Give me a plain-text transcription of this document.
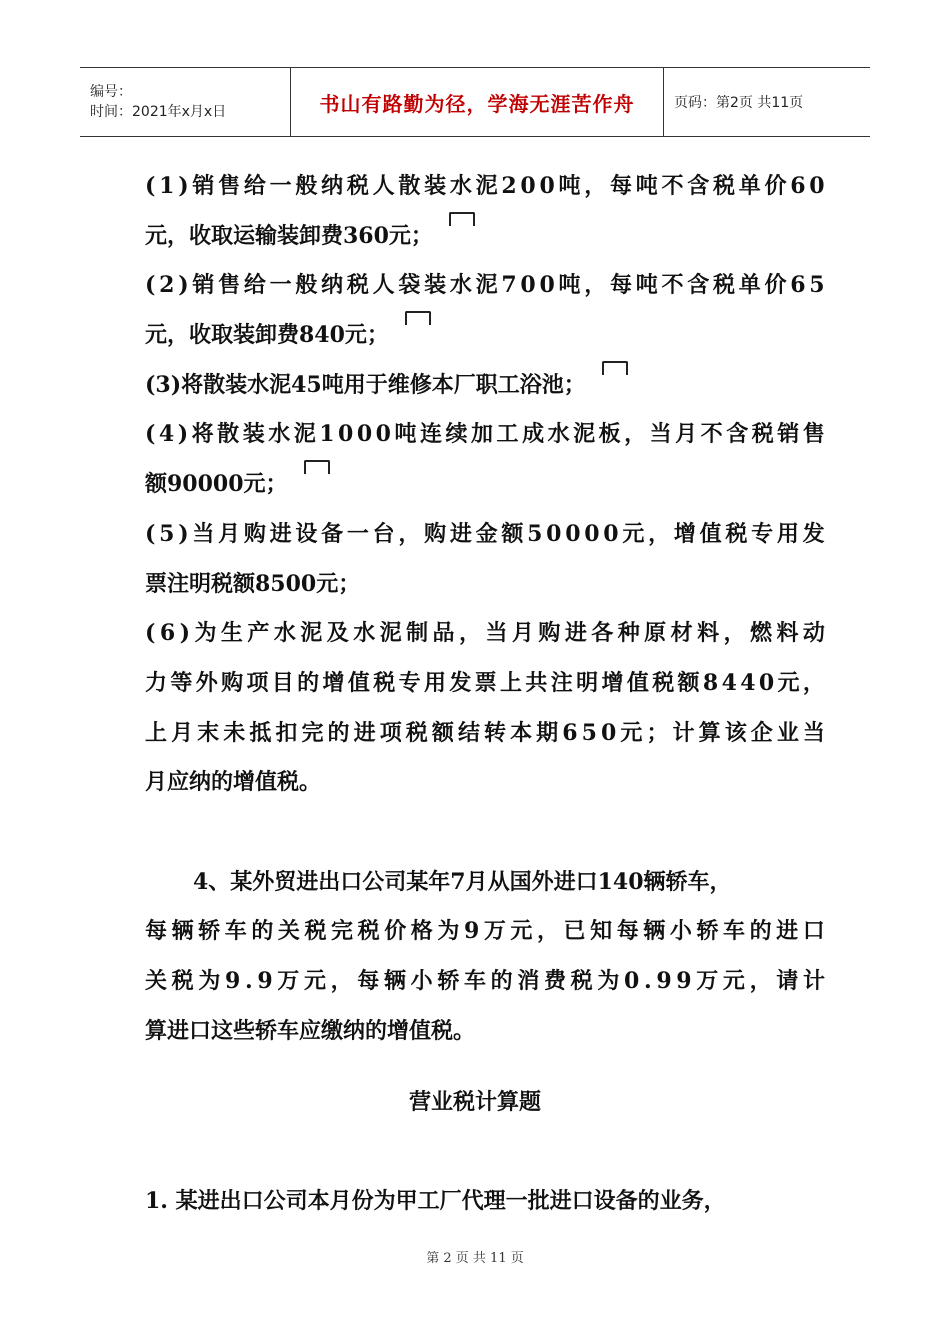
编号：
时间：2021年x月x日	书山有路勤为径，学海无涯苦作舟	页码：第2页 共11页
( 1 ) 销 售 给 一 般 纳 税 人 散 装 水 泥 2 0 0 吨 ， 每 吨 不 含 税 单 价 6 0
元，收取运输装卸费360元；
( 2 ) 销 售 给 一 般 纳 税 人 袋 装 水 泥 7 0 0 吨 ， 每 吨 不 含 税 单 价 6 5
元，收取装卸费840元；
(3)将散装水泥45吨用于维修本厂职工浴池；
( 4 ) 将 散 装 水 泥 1 0 0 0 吨 连 续 加 工 成 水 泥 板 ， 当 月 不 含 税 销 售
额90000元；
( 5 ) 当 月 购 进 设 备 一 台 ， 购 进 金 额 5 0 0 0 0 元 ， 增 值 税 专 用 发
票注明税额8500元；
( 6 ) 为 生 产 水 泥 及 水 泥 制 品 ， 当 月 购 进 各 种 原 材 料 ， 燃 料 动
力 等 外 购 项 目 的 增 值 税 专 用 发 票 上 共 注 明 增 值 税 额 8 4 4 0 元 ，
上 月 末 未 抵 扣 完 的 进 项 税 额 结 转 本 期 6 5 0 元 ； 计 算 该 企 业 当
月应纳的增值税。
4、某外贸进出口公司某年7月从国外进口140辆轿车，
每 辆 轿 车 的 关 税 完 税 价 格 为 9 万 元 ， 已 知 每 辆 小 轿 车 的 进 口
关 税 为 9 . 9 万 元 ， 每 辆 小 轿 车 的 消 费 税 为 0 . 9 9 万 元 ， 请 计
算进口这些轿车应缴纳的增值税。
营业税计算题
1. 某进出口公司本月份为甲工厂代理一批进口设备的业务，
第 2 页 共 11 页
